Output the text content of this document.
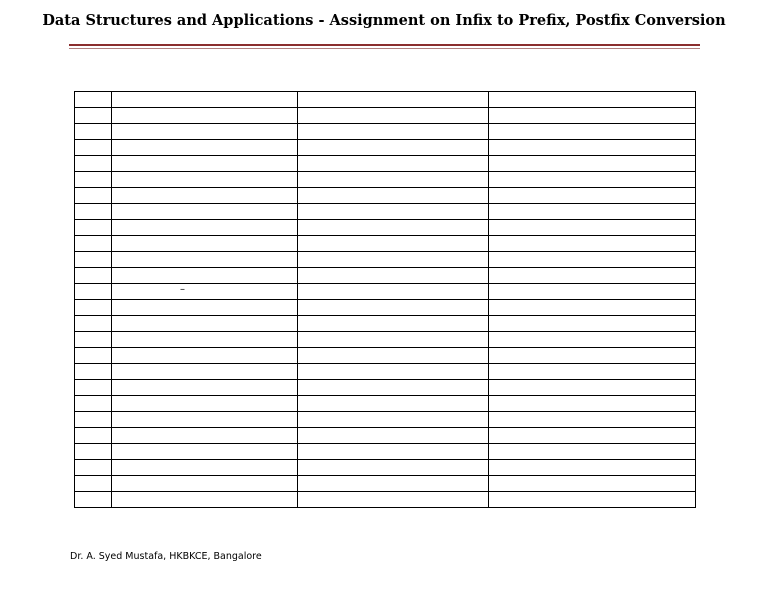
Data Structures and Applications - Assignment on Infix to Prefix, Postfix Conversion

	–		

Dr. A. Syed Mustafa, HKBKCE, Bangalore
